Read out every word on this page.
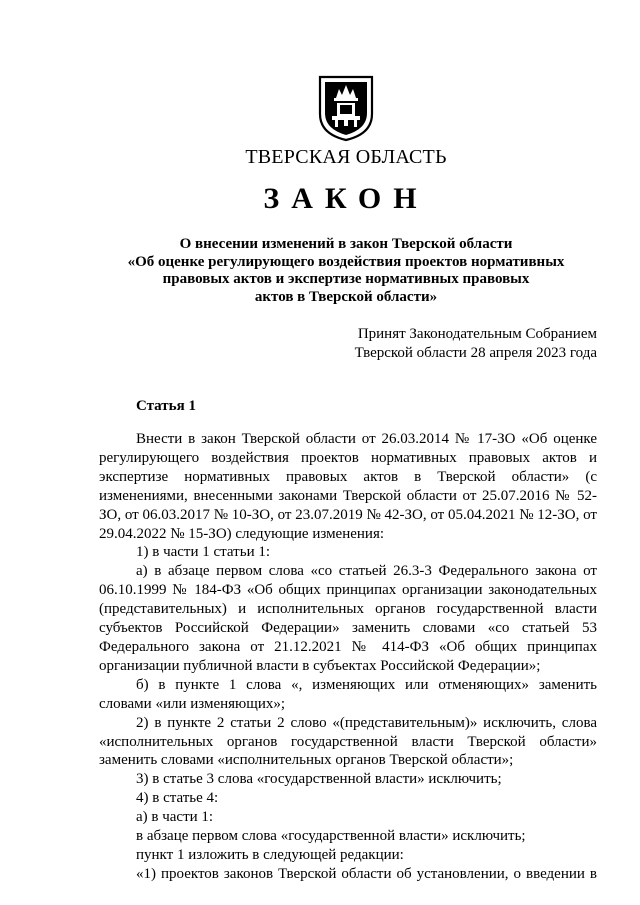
ТВЕРСКАЯ ОБЛАСТЬ
ЗАКОН
О внесении изменений в закон Тверской области
«Об оценке регулирующего воздействия проектов нормативных
правовых актов и экспертизе нормативных правовых
актов в Тверской области»
Принят Законодательным Собранием
Тверской области 28 апреля 2023 года
Статья 1

Внести в закон Тверской области от 26.03.2014 № 17-ЗО «Об оценке регулирующего воздействия проектов нормативных правовых актов и экспертизе нормативных правовых актов в Тверской области» (с изменениями, внесенными законами Тверской области от 25.07.2016 № 52-ЗО, от 06.03.2017 № 10-ЗО, от 23.07.2019 № 42-ЗО, от 05.04.2021 № 12-ЗО, от 29.04.2022 № 15-ЗО) следующие изменения:

1) в части 1 статьи 1:

а) в абзаце первом слова «со статьей 26.3-3 Федерального закона от 06.10.1999 № 184-ФЗ «Об общих принципах организации законодательных (представительных) и исполнительных органов государственной власти субъектов Российской Федерации» заменить словами «со статьей 53 Федерального закона от 21.12.2021 № 414-ФЗ «Об общих принципах организации публичной власти в субъектах Российской Федерации»;

б) в пункте 1 слова «, изменяющих или отменяющих» заменить словами «или изменяющих»;

2) в пункте 2 статьи 2 слово «(представительным)» исключить, слова «исполнительных органов государственной власти Тверской области» заменить словами «исполнительных органов Тверской области»;

3) в статье 3 слова «государственной власти» исключить;

4) в статье 4:

а) в части 1:

в абзаце первом слова «государственной власти» исключить;

пункт 1 изложить в следующей редакции:

«1) проектов законов Тверской области об установлении, о введении в
